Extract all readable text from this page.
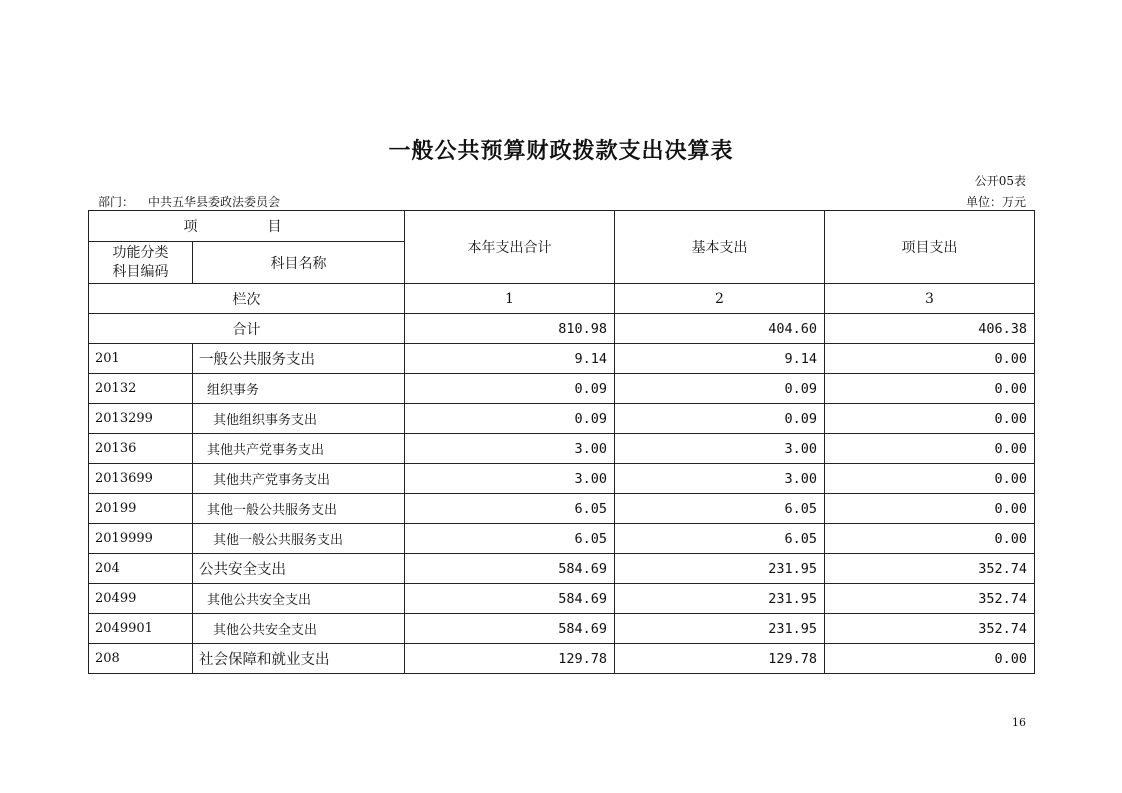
一般公共预算财政拨款支出决算表
公开05表
部门： 中共五华县委政法委员会	单位：万元
项　目		本年支出合计	基本支出	项目支出

功能分类
科目编码	科目名称			
栏次		1	2	3
合计		810.98	404.60	406.38
201	一般公共服务支出	9.14	9.14	0.00
20132	组织事务	0.09	0.09	0.00
2013299	其他组织事务支出	0.09	0.09	0.00
20136	其他共产党事务支出	3.00	3.00	0.00
2013699	其他共产党事务支出	3.00	3.00	0.00
20199	其他一般公共服务支出	6.05	6.05	0.00
2019999	其他一般公共服务支出	6.05	6.05	0.00
204	公共安全支出	584.69	231.95	352.74
20499	其他公共安全支出	584.69	231.95	352.74
2049901	其他公共安全支出	584.69	231.95	352.74
208	社会保障和就业支出	129.78	129.78	0.00
16
